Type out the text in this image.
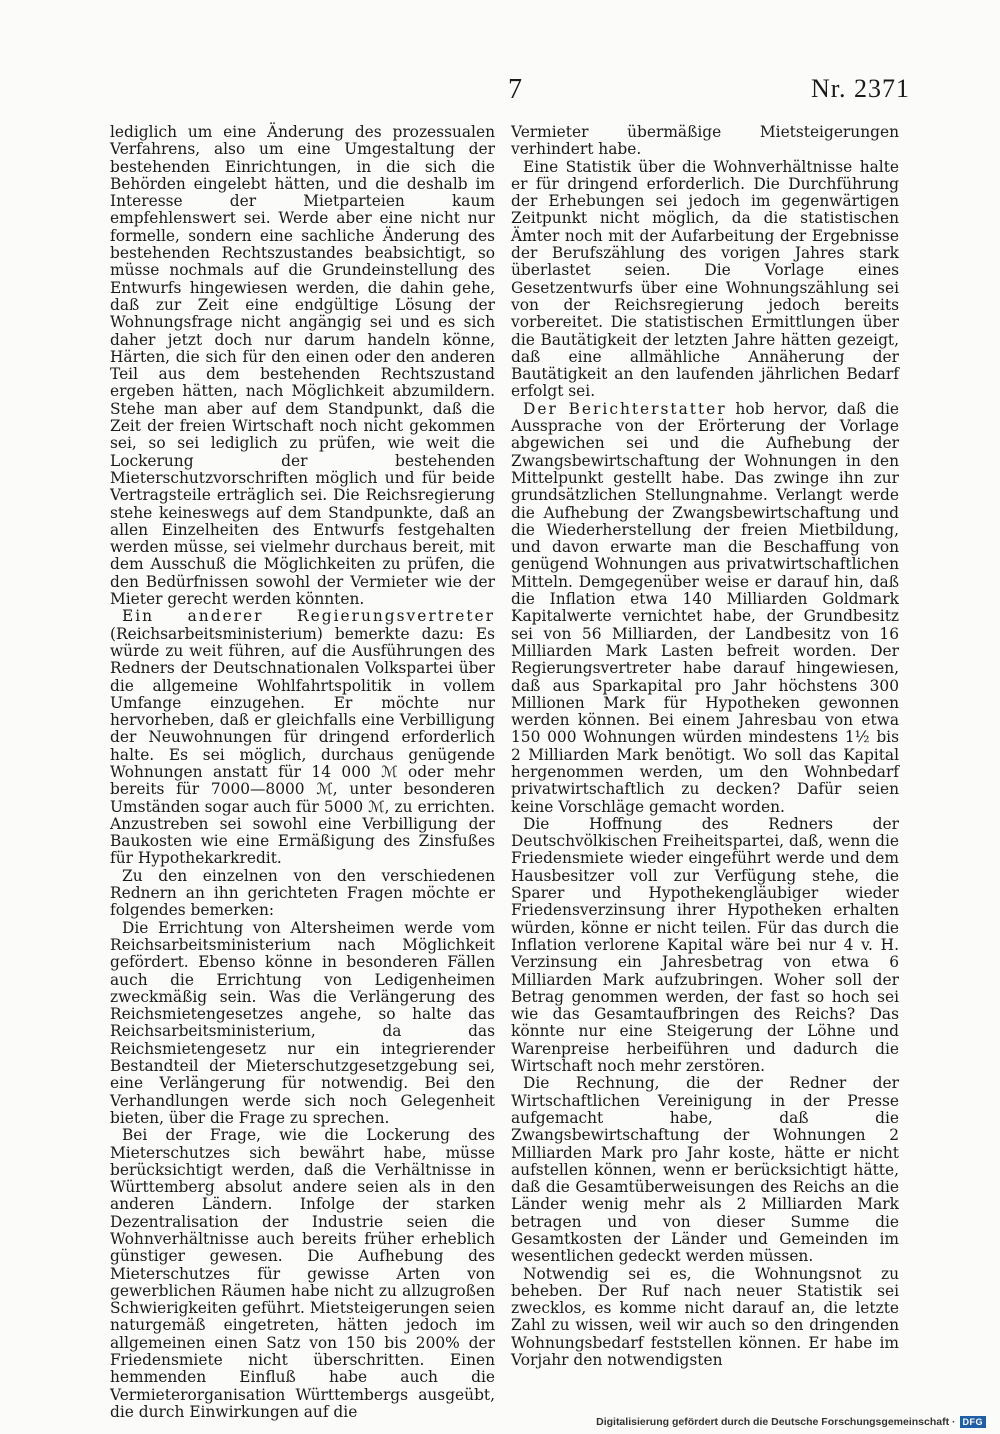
7	Nr. 2371

lediglich um eine Änderung des prozessualen Verfahrens, also um eine Umgestaltung der bestehenden Einrichtungen, in die sich die Behörden eingelebt hätten, und die deshalb im Interesse der Mietparteien kaum empfehlenswert sei. Werde aber eine nicht nur formelle, sondern eine sachliche Änderung des bestehenden Rechtszustandes beabsichtigt, so müsse nochmals auf die Grundeinstellung des Entwurfs hingewiesen werden, die dahin gehe, daß zur Zeit eine endgültige Lösung der Wohnungsfrage nicht angängig sei und es sich daher jetzt doch nur darum handeln könne, Härten, die sich für den einen oder den anderen Teil aus dem bestehenden Rechtszustand ergeben hätten, nach Möglichkeit abzumildern. Stehe man aber auf dem Standpunkt, daß die Zeit der freien Wirtschaft noch nicht gekommen sei, so sei lediglich zu prüfen, wie weit die Lockerung der bestehenden Mieterschutzvorschriften möglich und für beide Vertragsteile erträglich sei. Die Reichsregierung stehe keineswegs auf dem Standpunkte, daß an allen Einzelheiten des Entwurfs festgehalten werden müsse, sei vielmehr durchaus bereit, mit dem Ausschuß die Möglichkeiten zu prüfen, die den Bedürfnissen sowohl der Vermieter wie der Mieter gerecht werden könnten.

Ein anderer Regierungsvertreter (Reichsarbeitsministerium) bemerkte dazu: Es würde zu weit führen, auf die Ausführungen des Redners der Deutschnationalen Volkspartei über die allgemeine Wohlfahrtspolitik in vollem Umfange einzugehen. Er möchte nur hervorheben, daß er gleichfalls eine Verbilligung der Neuwohnungen für dringend erforderlich halte. Es sei möglich, durchaus genügende Wohnungen anstatt für 14 000 ℳ oder mehr bereits für 7000—8000 ℳ, unter besonderen Umständen sogar auch für 5000 ℳ, zu errichten. Anzustreben sei sowohl eine Verbilligung der Baukosten wie eine Ermäßigung des Zinsfußes für Hypothekarkredit.

Zu den einzelnen von den verschiedenen Rednern an ihn gerichteten Fragen möchte er folgendes bemerken:

Die Errichtung von Altersheimen werde vom Reichsarbeitsministerium nach Möglichkeit gefördert. Ebenso könne in besonderen Fällen auch die Errichtung von Ledigenheimen zweckmäßig sein. Was die Verlängerung des Reichsmietengesetzes angehe, so halte das Reichsarbeitsministerium, da das Reichsmietengesetz nur ein integrierender Bestandteil der Mieterschutzgesetzgebung sei, eine Verlängerung für notwendig. Bei den Verhandlungen werde sich noch Gelegenheit bieten, über die Frage zu sprechen.

Bei der Frage, wie die Lockerung des Mieterschutzes sich bewährt habe, müsse berücksichtigt werden, daß die Verhältnisse in Württemberg absolut andere seien als in den anderen Ländern. Infolge der starken Dezentralisation der Industrie seien die Wohnverhältnisse auch bereits früher erheblich günstiger gewesen. Die Aufhebung des Mieterschutzes für gewisse Arten von gewerblichen Räumen habe nicht zu allzugroßen Schwierigkeiten geführt. Mietsteigerungen seien naturgemäß eingetreten, hätten jedoch im allgemeinen einen Satz von 150 bis 200% der Friedensmiete nicht überschritten. Einen hemmenden Einfluß habe auch die Vermieterorganisation Württembergs ausgeübt, die durch Einwirkungen auf die

Vermieter übermäßige Mietsteigerungen verhindert habe.

Eine Statistik über die Wohnverhältnisse halte er für dringend erforderlich. Die Durchführung der Erhebungen sei jedoch im gegenwärtigen Zeitpunkt nicht möglich, da die statistischen Ämter noch mit der Aufarbeitung der Ergebnisse der Berufszählung des vorigen Jahres stark überlastet seien. Die Vorlage eines Gesetzentwurfs über eine Wohnungszählung sei von der Reichsregierung jedoch bereits vorbereitet. Die statistischen Ermittlungen über die Bautätigkeit der letzten Jahre hätten gezeigt, daß eine allmähliche Annäherung der Bautätigkeit an den laufenden jährlichen Bedarf erfolgt sei.

Der Berichterstatter hob hervor, daß die Aussprache von der Erörterung der Vorlage abgewichen sei und die Aufhebung der Zwangsbewirtschaftung der Wohnungen in den Mittelpunkt gestellt habe. Das zwinge ihn zur grundsätzlichen Stellungnahme. Verlangt werde die Aufhebung der Zwangsbewirtschaftung und die Wiederherstellung der freien Mietbildung, und davon erwarte man die Beschaffung von genügend Wohnungen aus privatwirtschaftlichen Mitteln. Demgegenüber weise er darauf hin, daß die Inflation etwa 140 Milliarden Goldmark Kapitalwerte vernichtet habe, der Grundbesitz sei von 56 Milliarden, der Landbesitz von 16 Milliarden Mark Lasten befreit worden. Der Regierungsvertreter habe darauf hingewiesen, daß aus Sparkapital pro Jahr höchstens 300 Millionen Mark für Hypotheken gewonnen werden können. Bei einem Jahresbau von etwa 150 000 Wohnungen würden mindestens 1½ bis 2 Milliarden Mark benötigt. Wo soll das Kapital hergenommen werden, um den Wohnbedarf privatwirtschaftlich zu decken? Dafür seien keine Vorschläge gemacht worden.

Die Hoffnung des Redners der Deutschvölkischen Freiheitspartei, daß, wenn die Friedensmiete wieder eingeführt werde und dem Hausbesitzer voll zur Verfügung stehe, die Sparer und Hypothekengläubiger wieder Friedensverzinsung ihrer Hypotheken erhalten würden, könne er nicht teilen. Für das durch die Inflation verlorene Kapital wäre bei nur 4 v. H. Verzinsung ein Jahresbetrag von etwa 6 Milliarden Mark aufzubringen. Woher soll der Betrag genommen werden, der fast so hoch sei wie das Gesamtaufbringen des Reichs? Das könnte nur eine Steigerung der Löhne und Warenpreise herbeiführen und dadurch die Wirtschaft noch mehr zerstören.

Die Rechnung, die der Redner der Wirtschaftlichen Vereinigung in der Presse aufgemacht habe, daß die Zwangsbewirtschaftung der Wohnungen 2 Milliarden Mark pro Jahr koste, hätte er nicht aufstellen können, wenn er berücksichtigt hätte, daß die Gesamtüberweisungen des Reichs an die Länder wenig mehr als 2 Milliarden Mark betragen und von dieser Summe die Gesamtkosten der Länder und Gemeinden im wesentlichen gedeckt werden müssen.

Notwendig sei es, die Wohnungsnot zu beheben. Der Ruf nach neuer Statistik sei zwecklos, es komme nicht darauf an, die letzte Zahl zu wissen, weil wir auch so den dringenden Wohnungsbedarf feststellen können. Er habe im Vorjahr den notwendigsten

Digitalisierung gefördert durch die Deutsche Forschungsgemeinschaft · DFG
